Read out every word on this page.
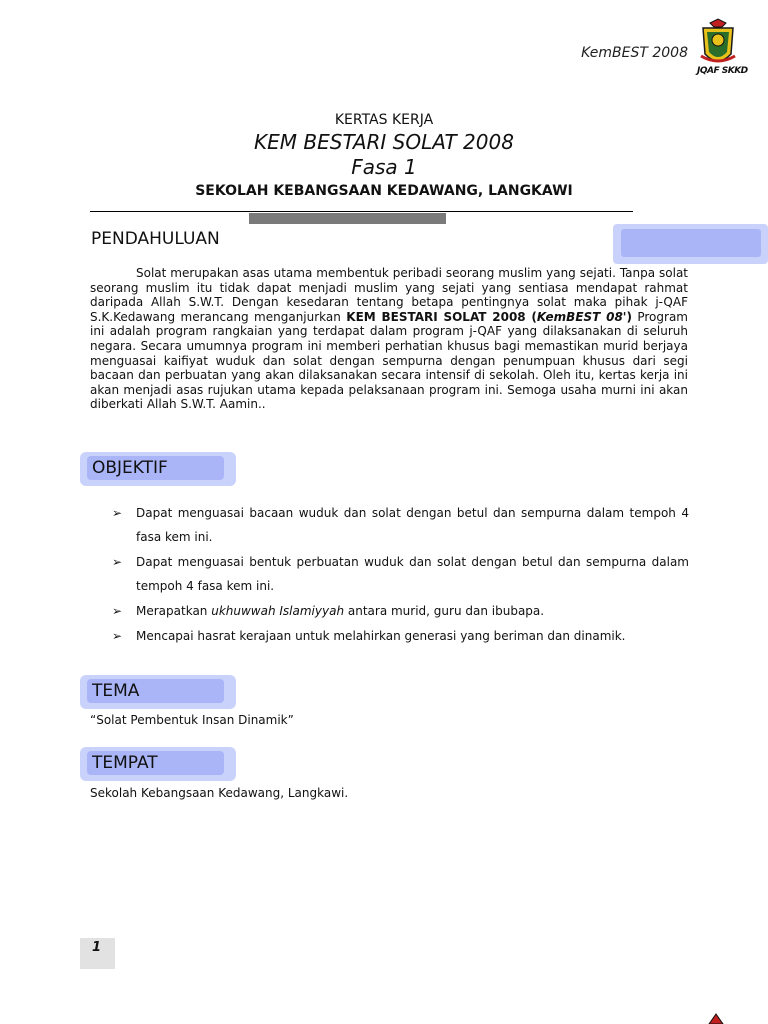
KemBEST 2008
JQAF SKKD

KERTAS KERJA

KEM BESTARI SOLAT 2008

Fasa 1

SEKOLAH KEBANGSAAN KEDAWANG, LANGKAWI

PENDAHULUAN

Solat merupakan asas utama membentuk peribadi seorang muslim yang sejati. Tanpa solat seorang muslim itu tidak dapat menjadi muslim yang sejati yang sentiasa mendapat rahmat daripada Allah S.W.T. Dengan kesedaran tentang betapa pentingnya solat maka pihak j-QAF S.K.Kedawang merancang menganjurkan KEM BESTARI SOLAT 2008 (KemBEST 08') Program ini adalah program rangkaian yang terdapat dalam program j-QAF yang dilaksanakan di seluruh negara. Secara umumnya program ini memberi perhatian khusus bagi memastikan murid berjaya menguasai kaifiyat wuduk dan solat dengan sempurna dengan penumpuan khusus dari segi bacaan dan perbuatan yang akan dilaksanakan secara intensif di sekolah. Oleh itu, kertas kerja ini akan menjadi asas rujukan utama kepada pelaksanaan program ini. Semoga usaha murni ini akan diberkati Allah S.W.T. Aamin..

OBJEKTIF
➢ Dapat menguasai bacaan wuduk dan solat dengan betul dan sempurna dalam tempoh 4 fasa kem ini.
➢ Dapat menguasai bentuk perbuatan wuduk dan solat dengan betul dan sempurna dalam tempoh 4 fasa kem ini.
➢ Merapatkan ukhuwwah Islamiyyah antara murid, guru dan ibubapa.
➢ Mencapai hasrat kerajaan untuk melahirkan generasi yang beriman dan dinamik.
TEMA
“Solat Pembentuk Insan Dinamik”
TEMPAT
Sekolah Kebangsaan Kedawang, Langkawi.
1
